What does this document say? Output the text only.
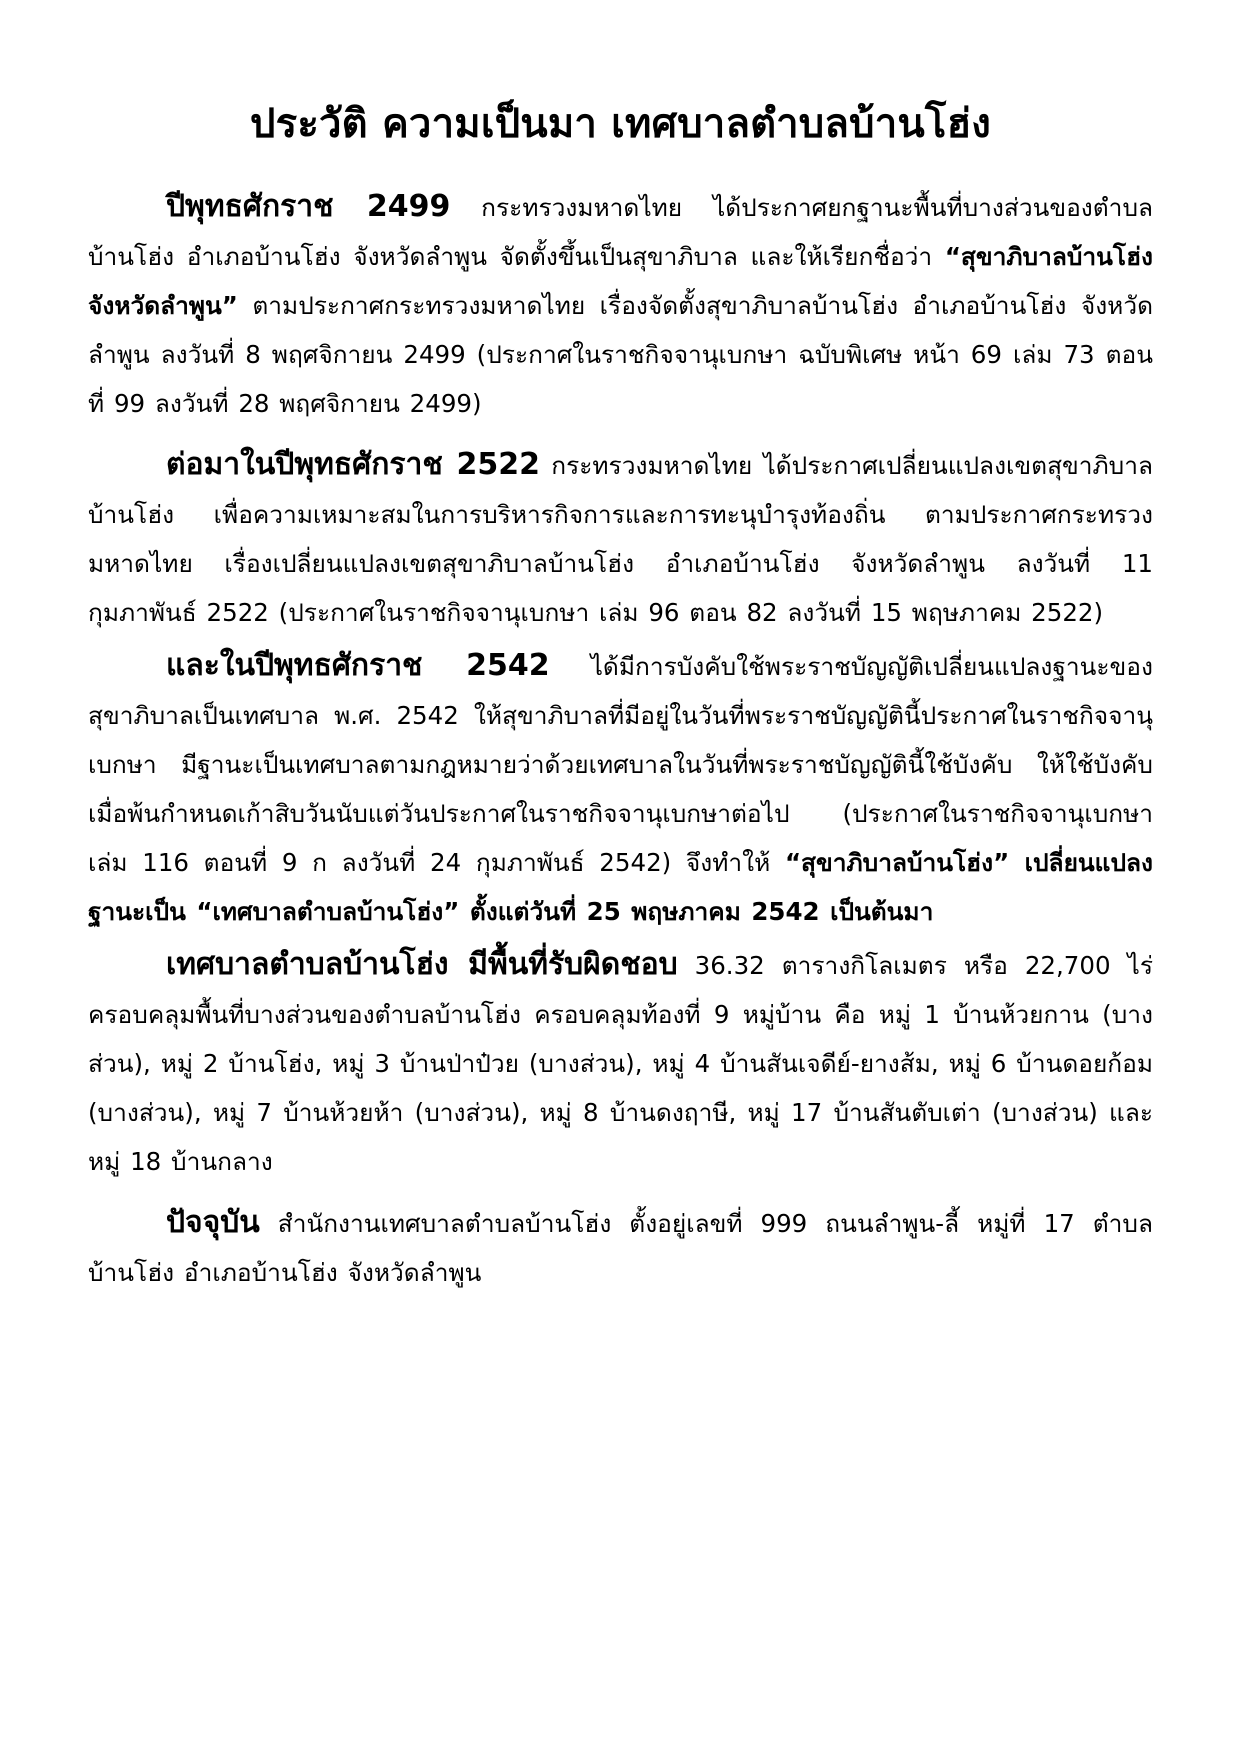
ประวัติ ความเป็นมา เทศบาลตำบลบ้านโฮ่ง

ปีพุทธศักราช 2499 กระทรวงมหาดไทย ได้ประกาศยกฐานะพื้นที่บางส่วนของตำบลบ้านโฮ่ง อำเภอบ้านโฮ่ง จังหวัดลำพูน จัดตั้งขึ้นเป็นสุขาภิบาล และให้เรียกชื่อว่า “สุขาภิบาลบ้านโฮ่ง จังหวัดลำพูน” ตามประกาศกระทรวงมหาดไทย เรื่องจัดตั้งสุขาภิบาลบ้านโฮ่ง อำเภอบ้านโฮ่ง จังหวัดลำพูน ลงวันที่ 8 พฤศจิกายน 2499 (ประกาศในราชกิจจานุเบกษา ฉบับพิเศษ หน้า 69 เล่ม 73 ตอนที่ 99 ลงวันที่ 28 พฤศจิกายน 2499)

ต่อมาในปีพุทธศักราช 2522 กระทรวงมหาดไทย ได้ประกาศเปลี่ยนแปลงเขตสุขาภิบาลบ้านโฮ่ง เพื่อความเหมาะสมในการบริหารกิจการและการทะนุบำรุงท้องถิ่น ตามประกาศกระทรวงมหาดไทย เรื่องเปลี่ยนแปลงเขตสุขาภิบาลบ้านโฮ่ง อำเภอบ้านโฮ่ง จังหวัดลำพูน ลงวันที่ 11 กุมภาพันธ์ 2522 (ประกาศในราชกิจจานุเบกษา เล่ม 96 ตอน 82 ลงวันที่ 15 พฤษภาคม 2522)

และในปีพุทธศักราช 2542 ได้มีการบังคับใช้พระราชบัญญัติเปลี่ยนแปลงฐานะของสุขาภิบาลเป็นเทศบาล พ.ศ. 2542 ให้สุขาภิบาลที่มีอยู่ในวันที่พระราชบัญญัตินี้ประกาศในราชกิจจานุเบกษา มีฐานะเป็นเทศบาลตามกฎหมายว่าด้วยเทศบาลในวันที่พระราชบัญญัตินี้ใช้บังคับ ให้ใช้บังคับเมื่อพ้นกำหนดเก้าสิบวันนับแต่วันประกาศในราชกิจจานุเบกษาต่อไป (ประกาศในราชกิจจานุเบกษา เล่ม 116 ตอนที่ 9 ก ลงวันที่ 24 กุมภาพันธ์ 2542) จึงทำให้ “สุขาภิบาลบ้านโฮ่ง” เปลี่ยนแปลงฐานะเป็น “เทศบาลตำบลบ้านโฮ่ง” ตั้งแต่วันที่ 25 พฤษภาคม 2542 เป็นต้นมา

เทศบาลตำบลบ้านโฮ่ง มีพื้นที่รับผิดชอบ 36.32 ตารางกิโลเมตร หรือ 22,700 ไร่ ครอบคลุมพื้นที่บางส่วนของตำบลบ้านโฮ่ง ครอบคลุมท้องที่ 9 หมู่บ้าน คือ หมู่ 1 บ้านห้วยกาน (บางส่วน), หมู่ 2 บ้านโฮ่ง, หมู่ 3 บ้านป่าป๋วย (บางส่วน), หมู่ 4 บ้านสันเจดีย์-ยางส้ม, หมู่ 6 บ้านดอยก้อม (บางส่วน), หมู่ 7 บ้านห้วยห้า (บางส่วน), หมู่ 8 บ้านดงฤาษี, หมู่ 17 บ้านสันตับเต่า (บางส่วน) และหมู่ 18 บ้านกลาง

ปัจจุบัน สำนักงานเทศบาลตำบลบ้านโฮ่ง ตั้งอยู่เลขที่ 999 ถนนลำพูน-ลี้ หมู่ที่ 17 ตำบลบ้านโฮ่ง อำเภอบ้านโฮ่ง จังหวัดลำพูน
